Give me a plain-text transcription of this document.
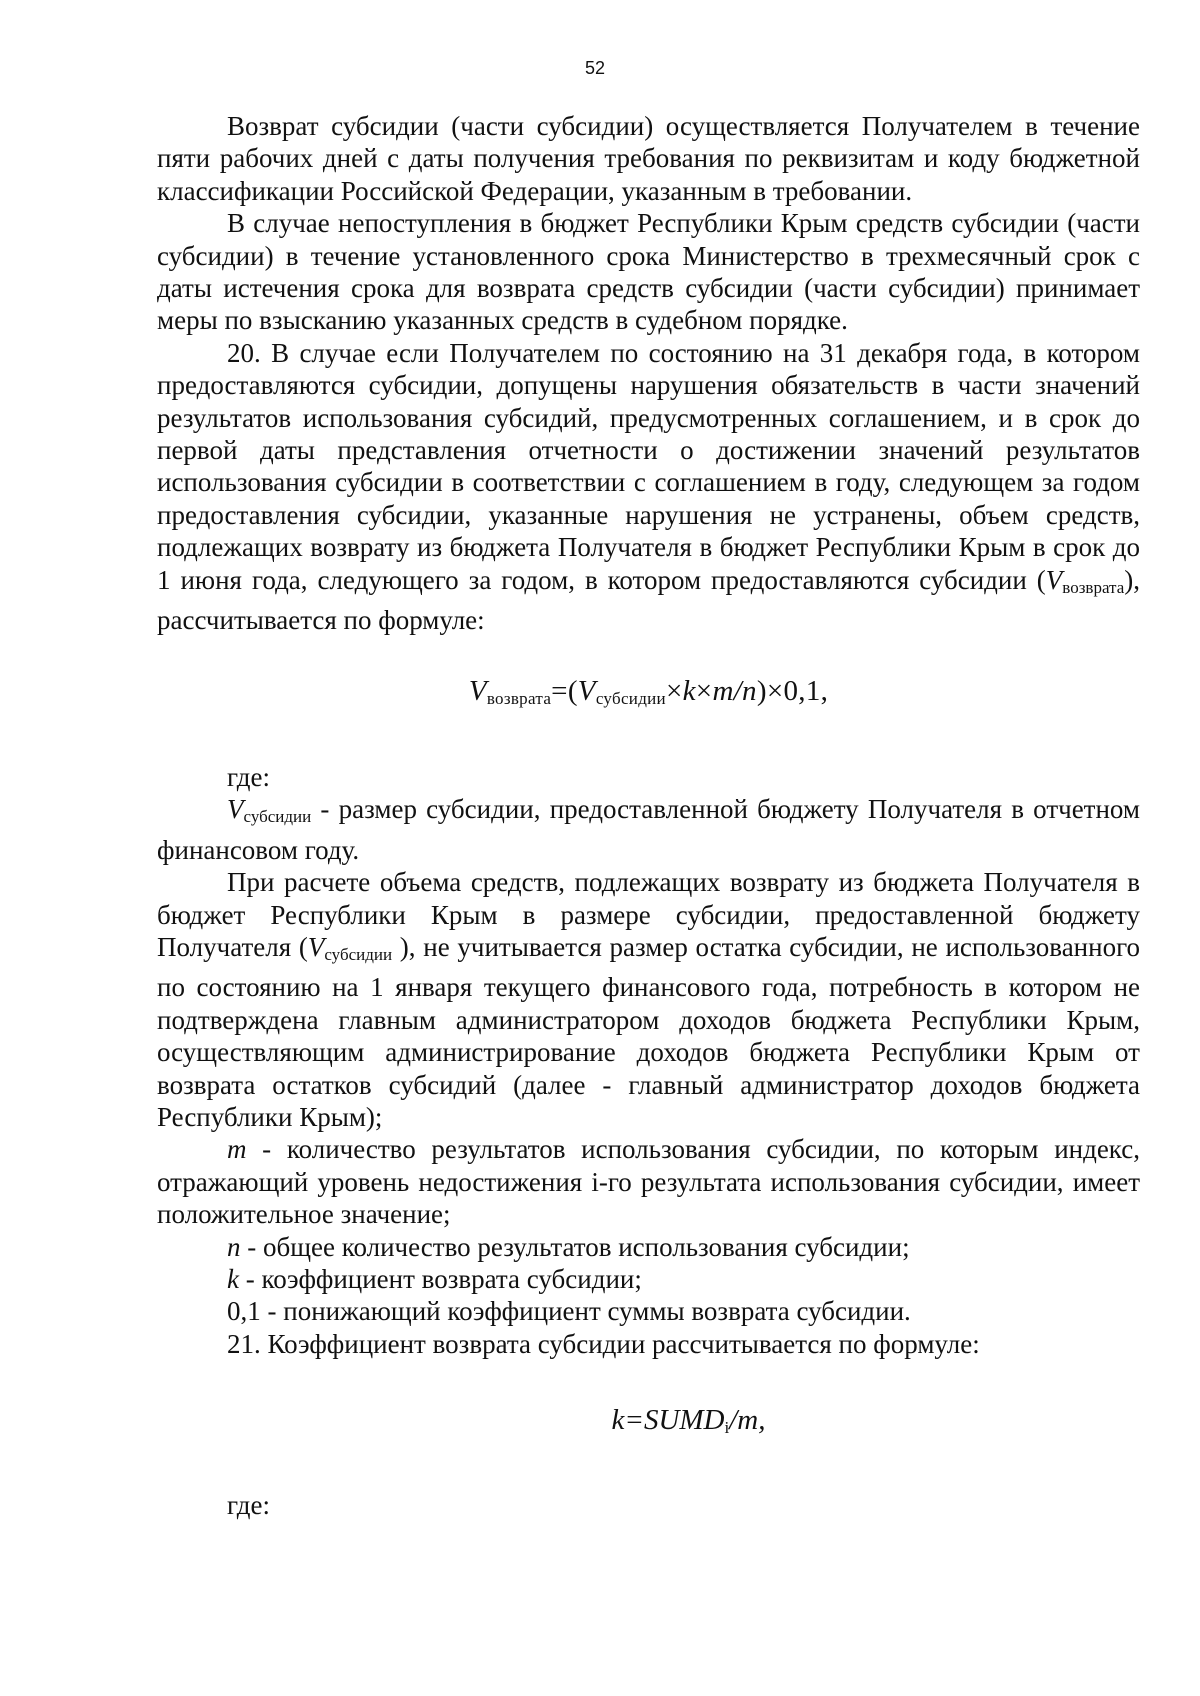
52

Возврат субсидии (части субсидии) осуществляется Получателем в течение пяти рабочих дней с даты получения требования по реквизитам и коду бюджетной классификации Российской Федерации, указанным в требовании.

В случае непоступления в бюджет Республики Крым средств субсидии (части субсидии) в течение установленного срока Министерство в трехмесячный срок с даты истечения срока для возврата средств субсидии (части субсидии) принимает меры по взысканию указанных средств в судебном порядке.

20. В случае если Получателем по состоянию на 31 декабря года, в котором предоставляются субсидии, допущены нарушения обязательств в части значений результатов использования субсидий, предусмотренных соглашением, и в срок до первой даты представления отчетности о достижении значений результатов использования субсидии в соответствии с соглашением в году, следующем за годом предоставления субсидии, указанные нарушения не устранены, объем средств, подлежащих возврату из бюджета Получателя в бюджет Республики Крым в срок до 1 июня года, следующего за годом, в котором предоставляются субсидии $(V_{возврата})$, рассчитывается по формуле:

$V_{возврата}=(V_{субсидии}\times k\times m/n)\times 0,1$,

где:

$V_{субсидии}$ - размер субсидии, предоставленной бюджету Получателя в отчетном финансовом году.

При расчете объема средств, подлежащих возврату из бюджета Получателя в бюджет Республики Крым в размере субсидии, предоставленной бюджету Получателя ($V_{субсидии}$ ), не учитывается размер остатка субсидии, не использованного по состоянию на 1 января текущего финансового года, потребность в котором не подтверждена главным администратором доходов бюджета Республики Крым, осуществляющим администрирование доходов бюджета Республики Крым от возврата остатков субсидий (далее - главный администратор доходов бюджета Республики Крым);

m - количество результатов использования субсидии, по которым индекс, отражающий уровень недостижения i-го результата использования субсидии, имеет положительное значение;

n - общее количество результатов использования субсидии;

k - коэффициент возврата субсидии;

0,1 - понижающий коэффициент суммы возврата субсидии.

21. Коэффициент возврата субсидии рассчитывается по формуле:

$k=SUMD_i/m$,

где:
